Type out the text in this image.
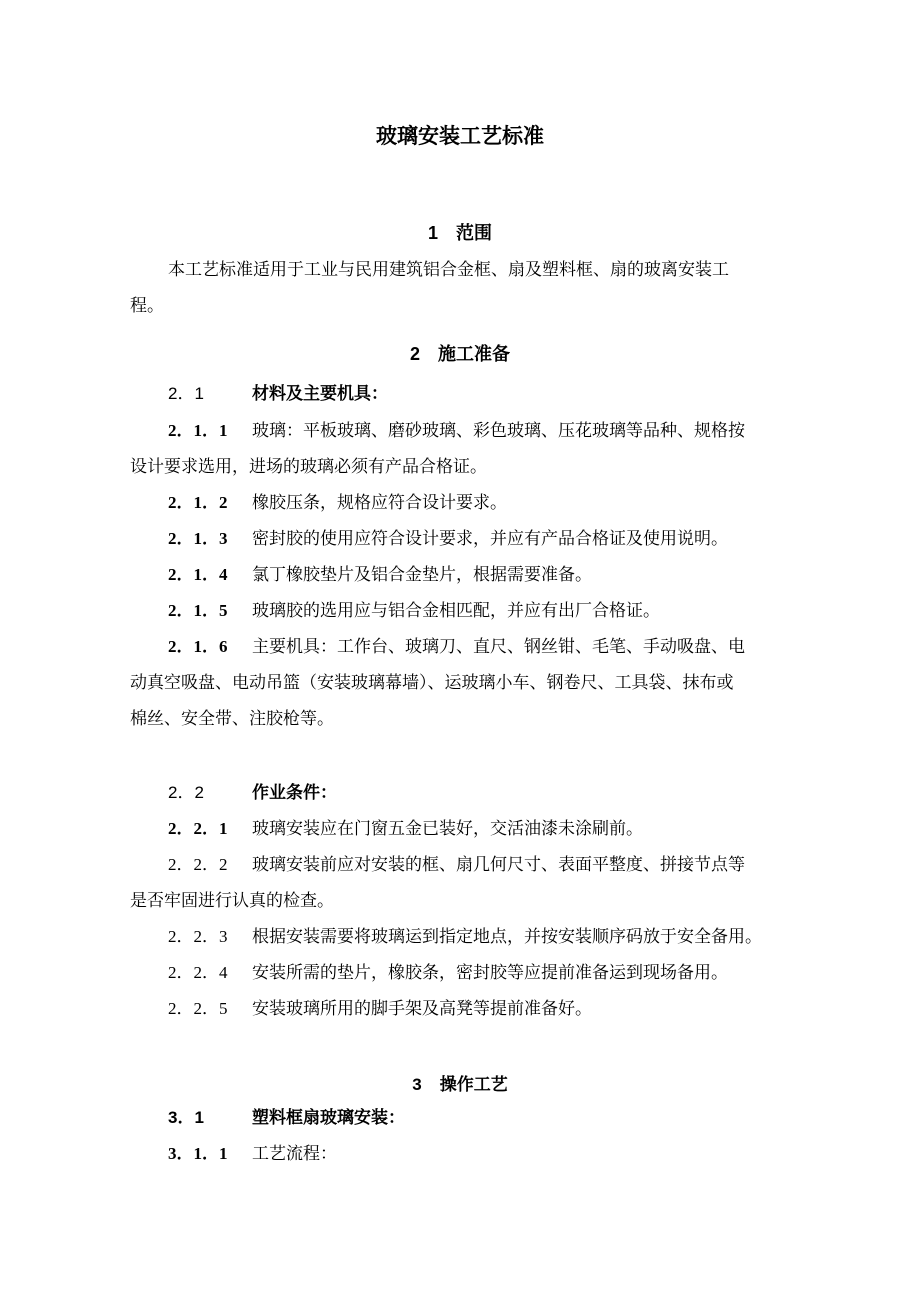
玻璃安装工艺标准
1 范围
本工艺标准适用于工业与民用建筑铝合金框、扇及塑料框、扇的玻离安装工
程。
2 施工准备
2．1	材料及主要机具：
2．1．1 玻璃：平板玻璃、磨砂玻璃、彩色玻璃、压花玻璃等品种、规格按
设计要求选用，进场的玻璃必须有产品合格证。
2．1．2 橡胶压条，规格应符合设计要求。
2．1．3 密封胶的使用应符合设计要求，并应有产品合格证及使用说明。
2．1．4 氯丁橡胶垫片及铝合金垫片，根据需要准备。
2．1．5 玻璃胶的选用应与铝合金相匹配，并应有出厂合格证。
2．1．6 主要机具：工作台、玻璃刀、直尺、钢丝钳、毛笔、手动吸盘、电
动真空吸盘、电动吊篮（安装玻璃幕墙）、运玻璃小车、钢卷尺、工具袋、抹布或
棉丝、安全带、注胶枪等。
2．2	作业条件：
2．2．1 玻璃安装应在门窗五金已装好，交活油漆未涂刷前。
2．2．2 玻璃安装前应对安装的框、扇几何尺寸、表面平整度、拼接节点等
是否牢固进行认真的检查。
2．2．3 根据安装需要将玻璃运到指定地点，并按安装顺序码放于安全备用。
2．2．4 安装所需的垫片，橡胶条，密封胶等应提前准备运到现场备用。
2．2．5 安装玻璃所用的脚手架及高凳等提前准备好。
3 操作工艺
3．1	塑料框扇玻璃安装：
3．1．1 工艺流程：
